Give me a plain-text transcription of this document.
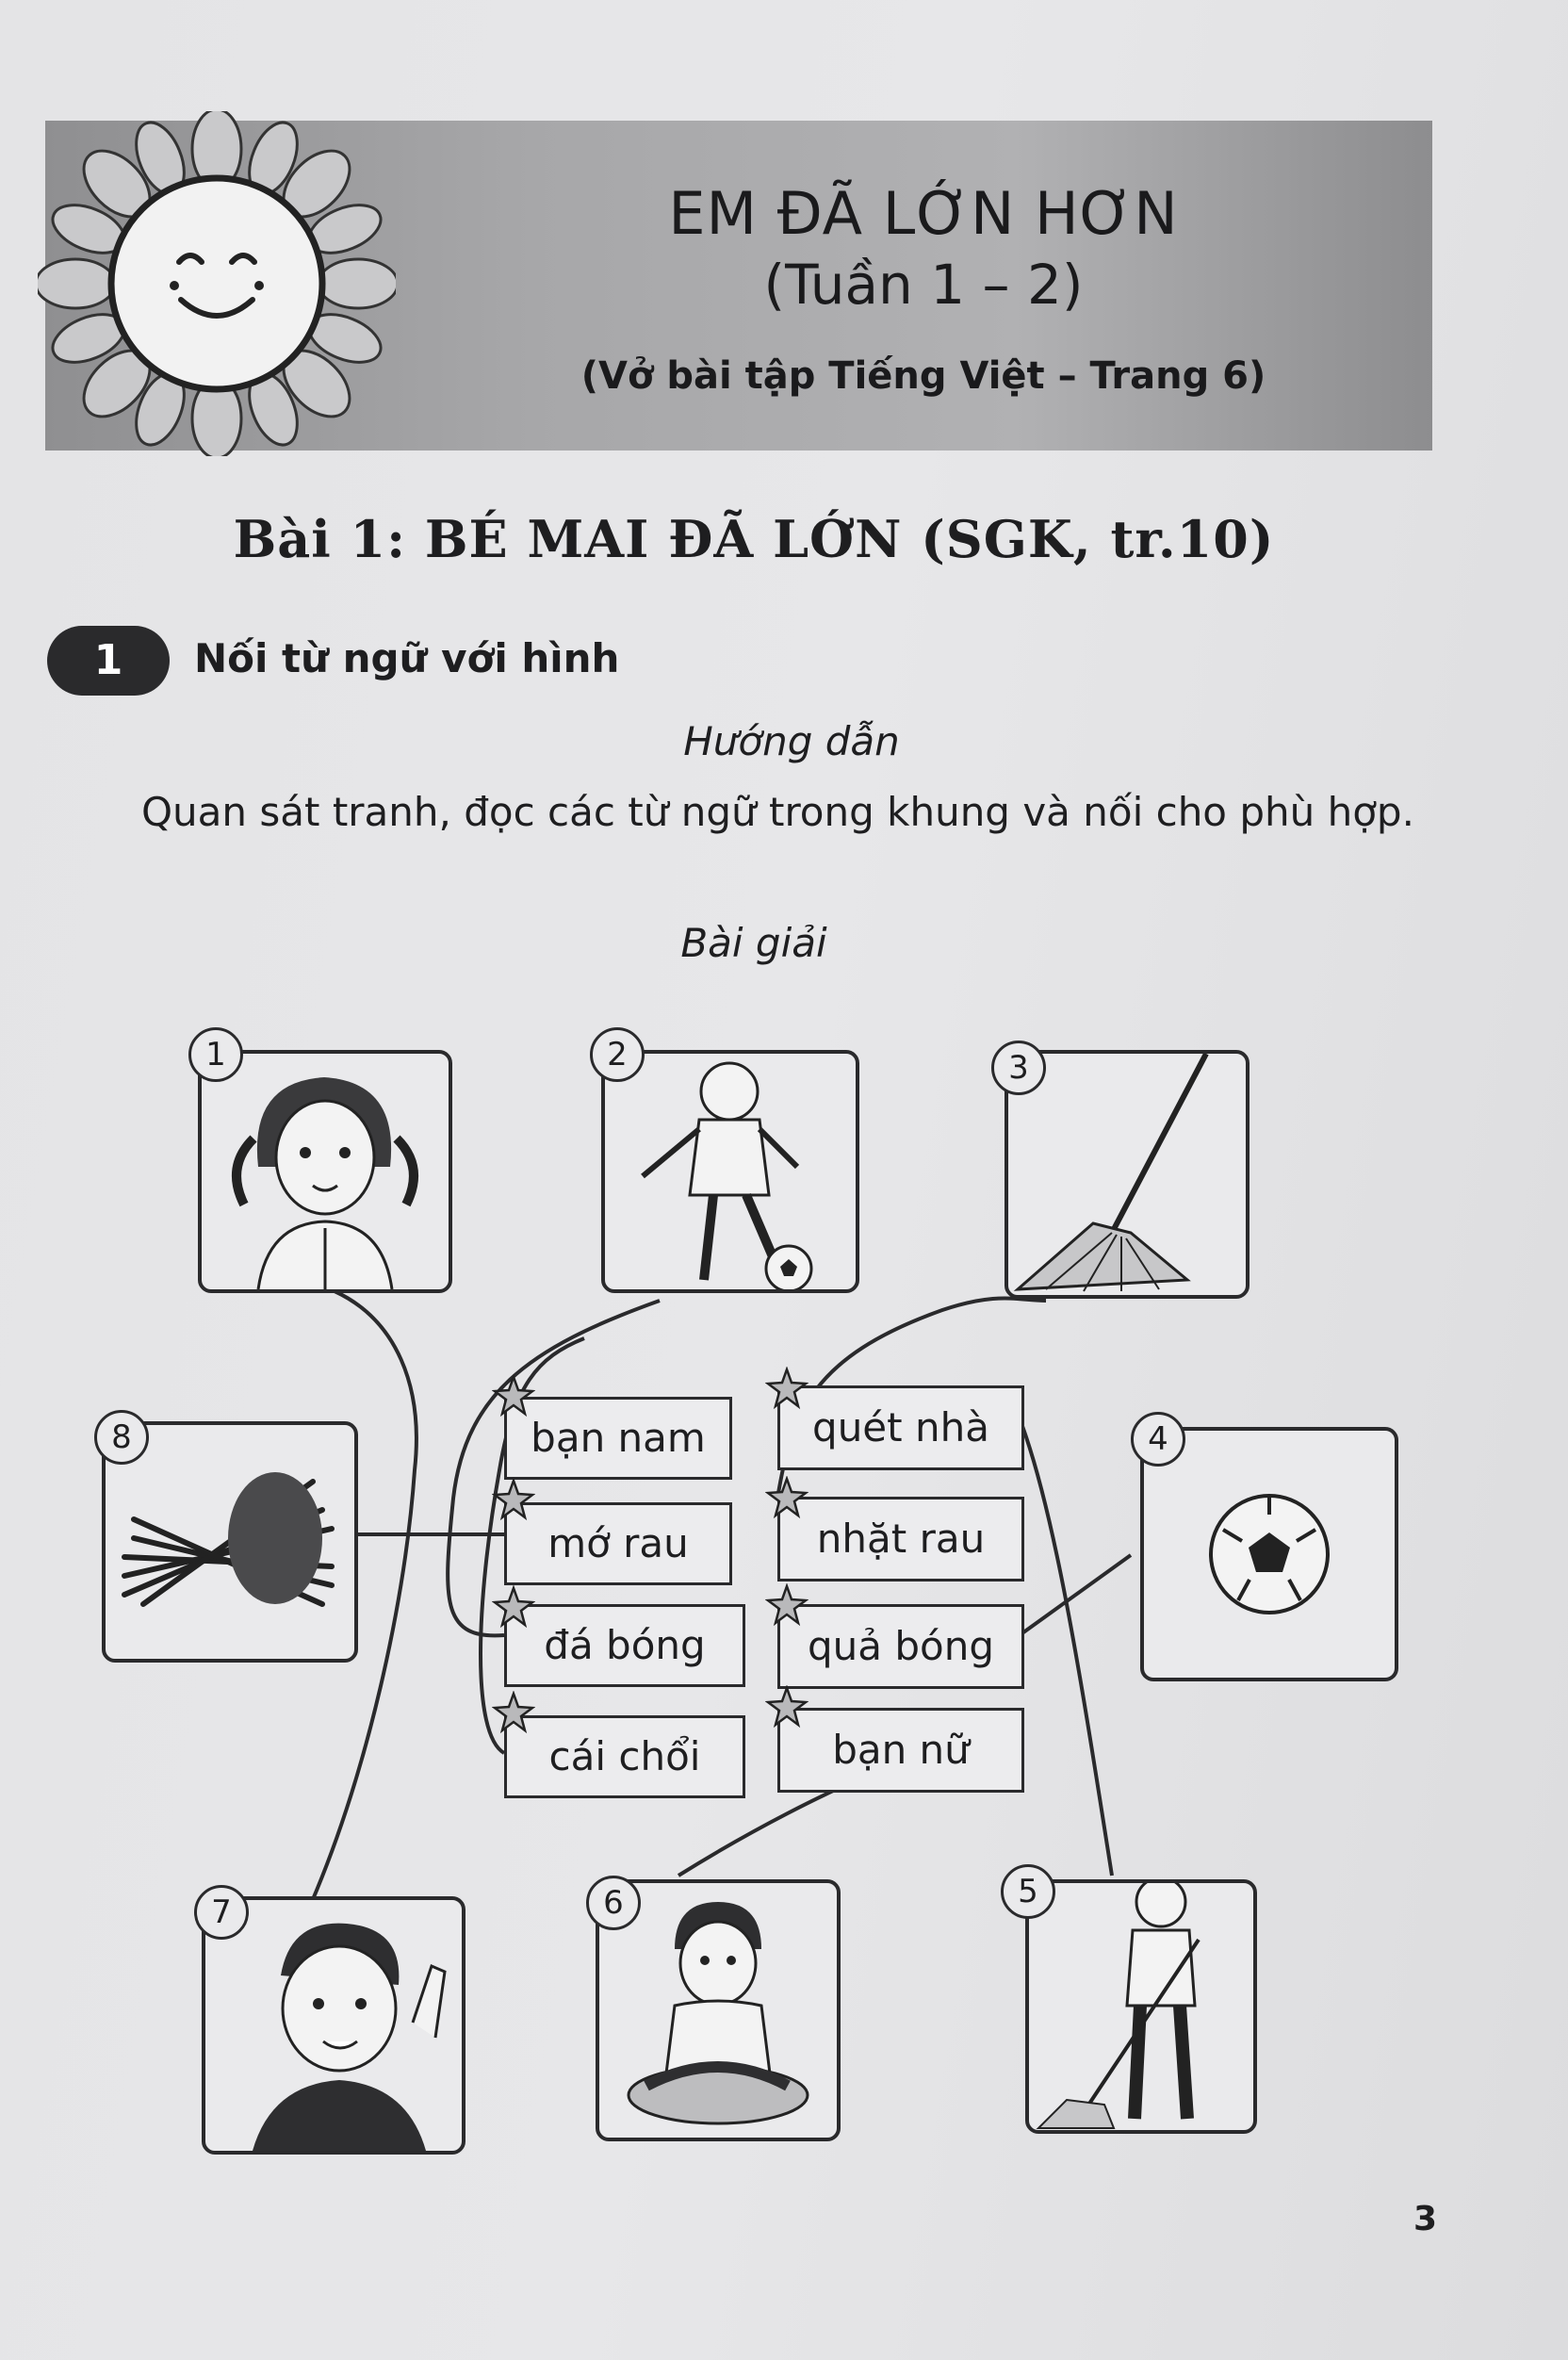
EM ĐÃ LỚN HƠN
(Tuần 1 – 2)
(Vở bài tập Tiếng Việt – Trang 6)
Bài 1: BÉ MAI ĐÃ LỚN (SGK, tr.10)
1	Nối từ ngữ với hình
Hướng dẫn
Quan sát tranh, đọc các từ ngữ trong khung và nối cho phù hợp.
Bài giải
1	2	3
8	4
7	6	5
bạn nam
mớ rau
đá bóng
cái chổi
quét nhà
nhặt rau
quả bóng
bạn nữ
3
